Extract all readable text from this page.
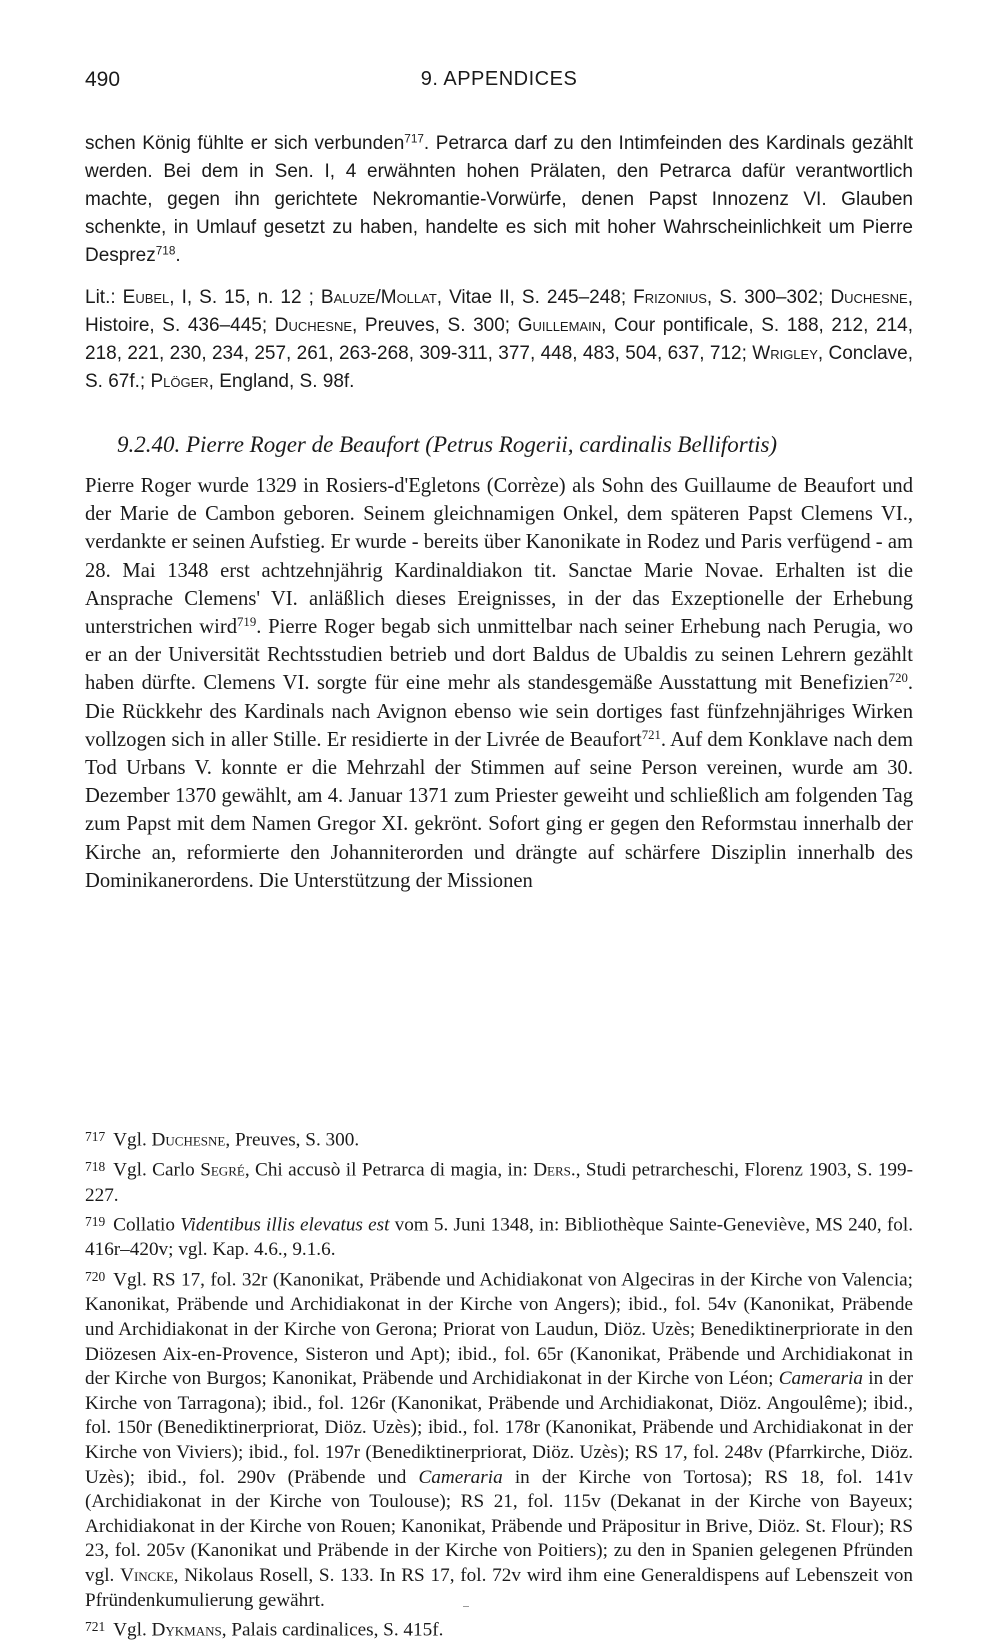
490	9. APPENDICES

schen König fühlte er sich verbunden$^{717}$. Petrarca darf zu den Intimfeinden des Kardinals gezählt werden. Bei dem in Sen. I, 4 erwähnten hohen Prälaten, den Petrarca dafür verantwortlich machte, gegen ihn gerichtete Nekromantie-Vorwürfe, denen Papst Innozenz VI. Glauben schenkte, in Umlauf gesetzt zu haben, handelte es sich mit hoher Wahrscheinlichkeit um Pierre Desprez$^{718}$.

Lit.: Eubel, I, S. 15, n. 12 ; Baluze/Mollat, Vitae II, S. 245–248; Frizonius, S. 300–302; Duchesne, Histoire, S. 436–445; Duchesne, Preuves, S. 300; Guillemain, Cour pontificale, S. 188, 212, 214, 218, 221, 230, 234, 257, 261, 263-268, 309-311, 377, 448, 483, 504, 637, 712; Wrigley, Conclave, S. 67f.; Plöger, England, S. 98f.

9.2.40. Pierre Roger de Beaufort (Petrus Rogerii, cardinalis Bellifortis)

Pierre Roger wurde 1329 in Rosiers-d'Egletons (Corrèze) als Sohn des Guillaume de Beaufort und der Marie de Cambon geboren. Seinem gleichnamigen Onkel, dem späteren Papst Clemens VI., verdankte er seinen Aufstieg. Er wurde - bereits über Kanonikate in Rodez und Paris verfügend - am 28. Mai 1348 erst achtzehnjährig Kardinaldiakon tit. Sanctae Marie Novae. Erhalten ist die Ansprache Clemens' VI. anläßlich dieses Ereignisses, in der das Exzeptionelle der Erhebung unterstrichen wird$^{719}$. Pierre Roger begab sich unmittelbar nach seiner Erhebung nach Perugia, wo er an der Universität Rechtsstudien betrieb und dort Baldus de Ubaldis zu seinen Lehrern gezählt haben dürfte. Clemens VI. sorgte für eine mehr als standesgemäße Ausstattung mit Benefizien$^{720}$. Die Rückkehr des Kardinals nach Avignon ebenso wie sein dortiges fast fünfzehnjähriges Wirken vollzogen sich in aller Stille. Er residierte in der Livrée de Beaufort$^{721}$. Auf dem Konklave nach dem Tod Urbans V. konnte er die Mehrzahl der Stimmen auf seine Person vereinen, wurde am 30. Dezember 1370 gewählt, am 4. Januar 1371 zum Priester geweiht und schließlich am folgenden Tag zum Papst mit dem Namen Gregor XI. gekrönt. Sofort ging er gegen den Reformstau innerhalb der Kirche an, reformierte den Johanniterorden und drängte auf schärfere Disziplin innerhalb des Dominikanerordens. Die Unterstützung der Missionen

$^{717}$ Vgl. Duchesne, Preuves, S. 300.
$^{718}$ Vgl. Carlo Segré, Chi accusò il Petrarca di magia, in: Ders., Studi petrarcheschi, Florenz 1903, S. 199-227.
$^{719}$ Collatio Videntibus illis elevatus est vom 5. Juni 1348, in: Bibliothèque Sainte-Geneviève, MS 240, fol. 416r–420v; vgl. Kap. 4.6., 9.1.6.
$^{720}$ Vgl. RS 17, fol. 32r (Kanonikat, Präbende und Achidiakonat von Algeciras in der Kirche von Valencia; Kanonikat, Präbende und Archidiakonat in der Kirche von Angers); ibid., fol. 54v (Kanonikat, Präbende und Archidiakonat in der Kirche von Gerona; Priorat von Laudun, Diöz. Uzès; Benediktinerpriorate in den Diözesen Aix-en-Provence, Sisteron und Apt); ibid., fol. 65r (Kanonikat, Präbende und Archidiakonat in der Kirche von Burgos; Kanonikat, Präbende und Archidiakonat in der Kirche von Léon; Cameraria in der Kirche von Tarragona); ibid., fol. 126r (Kanonikat, Präbende und Archidiakonat, Diöz. Angoulême); ibid., fol. 150r (Benediktinerpriorat, Diöz. Uzès); ibid., fol. 178r (Kanonikat, Präbende und Archidiakonat in der Kirche von Viviers); ibid., fol. 197r (Benediktinerpriorat, Diöz. Uzès); RS 17, fol. 248v (Pfarrkirche, Diöz. Uzès); ibid., fol. 290v (Präbende und Cameraria in der Kirche von Tortosa); RS 18, fol. 141v (Archidiakonat in der Kirche von Toulouse); RS 21, fol. 115v (Dekanat in der Kirche von Bayeux; Archidiakonat in der Kirche von Rouen; Kanonikat, Präbende und Präpositur in Brive, Diöz. St. Flour); RS 23, fol. 205v (Kanonikat und Präbende in der Kirche von Poitiers); zu den in Spanien gelegenen Pfründen vgl. Vincke, Nikolaus Rosell, S. 133. In RS 17, fol. 72v wird ihm eine Generaldispens auf Lebenszeit von Pfründenkumulierung gewährt.
$^{721}$ Vgl. Dykmans, Palais cardinalices, S. 415f.
